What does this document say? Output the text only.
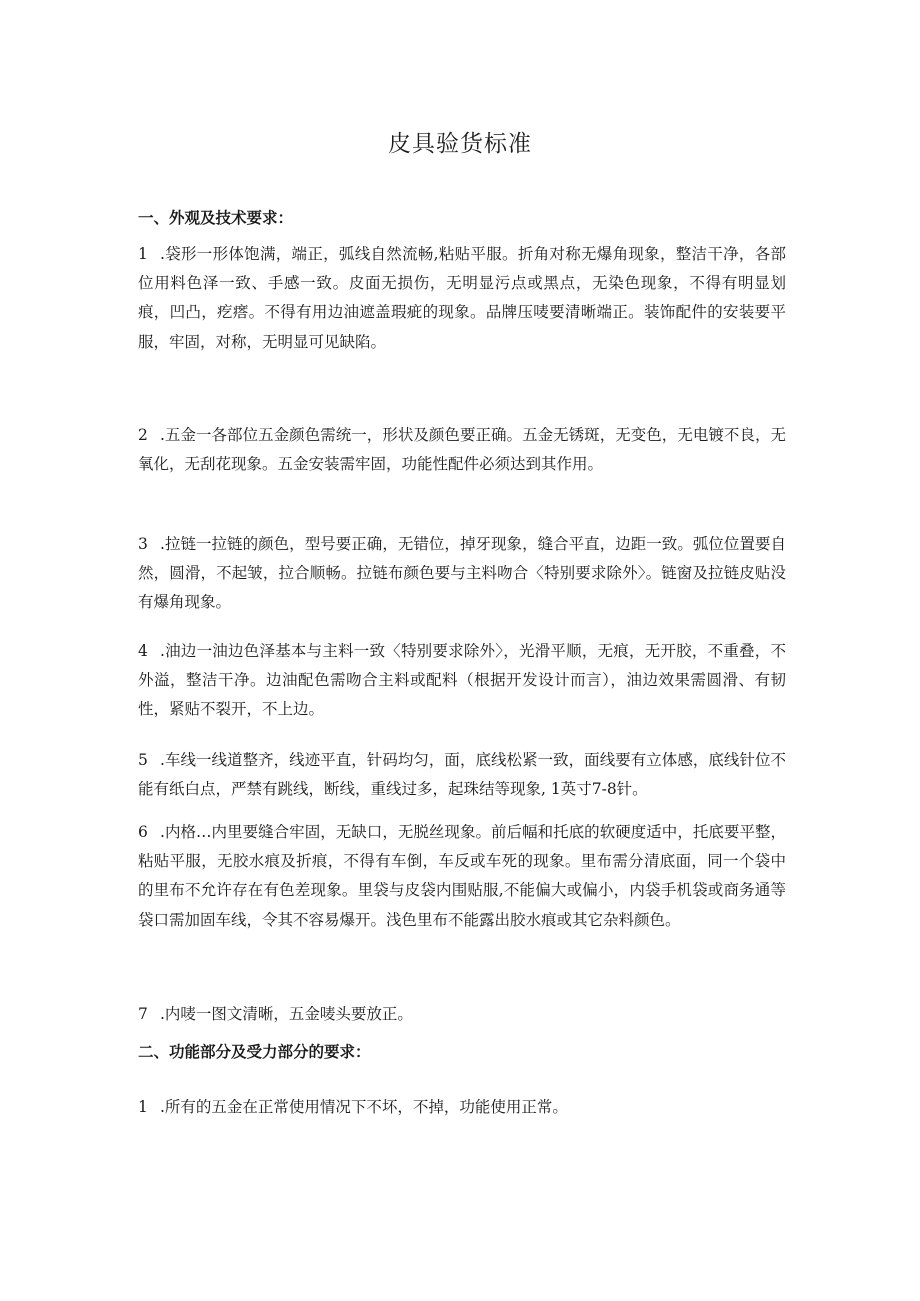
皮具验货标准
一、外观及技术要求：
1 .袋形一形体饱满，端正，弧线自然流畅,粘贴平服。折角对称无爆角现象，整洁干净，各部位用料色泽一致、手感一致。皮面无损伤，无明显污点或黑点，无染色现象，不得有明显划痕，凹凸，疙瘩。不得有用边油遮盖瑕疵的现象。品牌压唛要清晰端正。装饰配件的安装要平服，牢固，对称，无明显可见缺陷。
2 .五金一各部位五金颜色需统一，形状及颜色要正确。五金无锈斑，无变色，无电镀不良，无氧化，无刮花现象。五金安装需牢固，功能性配件必须达到其作用。
3 .拉链一拉链的颜色，型号要正确，无错位，掉牙现象，缝合平直，边距一致。弧位位置要自然，圆滑，不起皱，拉合顺畅。拉链布颜色要与主料吻合〈特别要求除外〉。链窗及拉链皮贴没有爆角现象。
4 .油边一油边色泽基本与主料一致〈特别要求除外〉，光滑平顺，无痕，无开胶，不重叠，不外溢，整洁干净。边油配色需吻合主料或配料（根据开发设计而言），油边效果需圆滑、有韧性，紧贴不裂开，不上边。
5 .车线一线道整齐，线迹平直，针码均匀，面，底线松紧一致，面线要有立体感，底线针位不能有纸白点，严禁有跳线，断线，重线过多，起珠结等现象, 1英寸7-8针。
6 .内格…内里要缝合牢固，无缺口，无脱丝现象。前后幅和托底的软硬度适中，托底要平整，粘贴平服，无胶水痕及折痕，不得有车倒，车反或车死的现象。里布需分清底面，同一个袋中的里布不允许存在有色差现象。里袋与皮袋内围贴服,不能偏大或偏小，内袋手机袋或商务通等袋口需加固车线，令其不容易爆开。浅色里布不能露出胶水痕或其它杂料颜色。
7 .内唛一图文清晰，五金唛头要放正。
二、功能部分及受力部分的要求：
1 .所有的五金在正常使用情况下不坏，不掉，功能使用正常。
